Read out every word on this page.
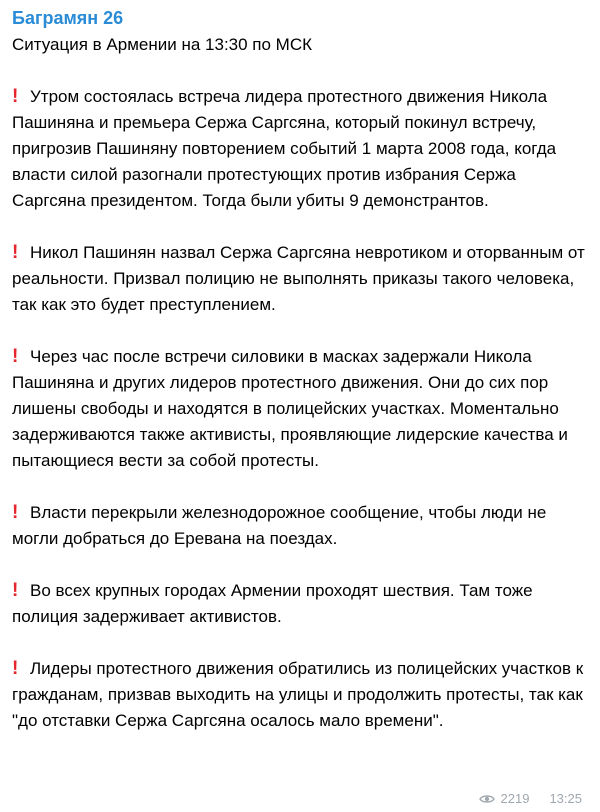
Баграмян 26
Ситуация в Армении на 13:30 по МСК
! Утром состоялась встреча лидера протестного движения Никола Пашиняна и премьера Сержа Саргсяна, который покинул встречу, пригрозив Пашиняну повторением событий 1 марта 2008 года, когда власти силой разогнали протестующих против избрания Сержа Саргсяна президентом. Тогда были убиты 9 демонстрантов.
! Никол Пашинян назвал Сержа Саргсяна невротиком и оторванным от реальности. Призвал полицию не выполнять приказы такого человека, так как это будет преступлением.
! Через час после встречи силовики в масках задержали Никола Пашиняна и других лидеров протестного движения. Они до сих пор лишены свободы и находятся в полицейских участках. Моментально задерживаются также активисты, проявляющие лидерские качества и пытающиеся вести за собой протесты.
! Власти перекрыли железнодорожное сообщение, чтобы люди не могли добраться до Еревана на поездах.
! Во всех крупных городах Армении проходят шествия. Там тоже полиция задерживает активистов.
! Лидеры протестного движения обратились из полицейских участков к гражданам, призвав выходить на улицы и продолжить протесты, так как "до отставки Сержа Саргсяна осалось мало времени".
2219 13:25
